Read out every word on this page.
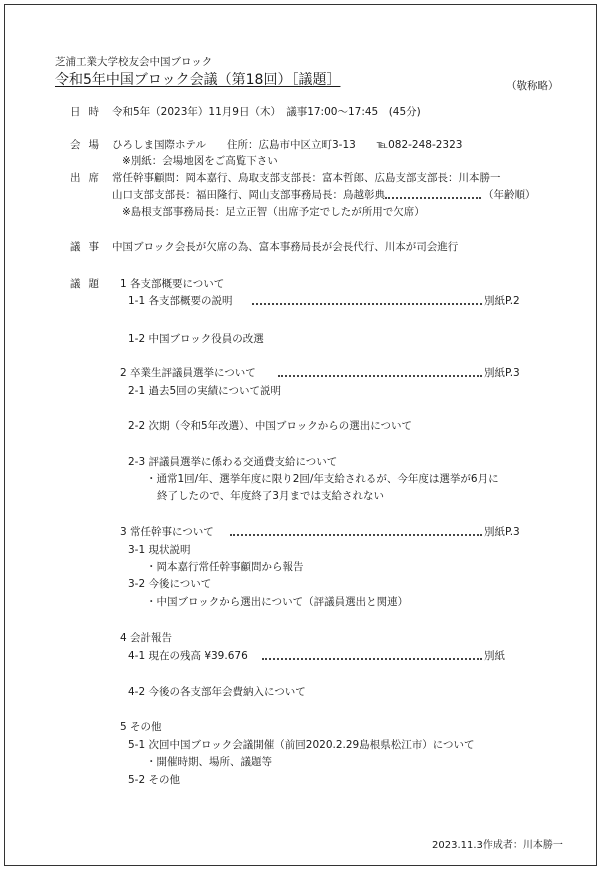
芝浦工業大学校友会中国ブロック
令和5年中国ブロック会議（第18回）［議題］	（敬称略）
日時 令和5年（2023年）11月9日（木）　議事17:00～17:45　(45分)
会場 ひろしま国際ホテル　　住所：広島市中区立町3-13　　℡082-248-2323
※別紙：会場地図をご高覧下さい
出席 常任幹事顧問：岡本嘉行、鳥取支部支部長：富本哲郎、広島支部支部長：川本勝一
山口支部支部長：福田隆行、岡山支部事務局長：鳥越彰典	（年齢順）
※島根支部事務局長：足立正智（出席予定でしたが所用で欠席）
議事 中国ブロック会長が欠席の為、富本事務局長が会長代行、川本が司会進行
議題 1 各支部概要について
1-1 各支部概要の説明	別紙P.2
1-2 中国ブロック役員の改選
2 卒業生評議員選挙について	別紙P.3
2-1 過去5回の実績について説明
2-2 次期（令和5年改選）、中国ブロックからの選出について
2-3 評議員選挙に係わる交通費支給について
・通常1回/年、選挙年度に限り2回/年支給されるが、今年度は選挙が6月に
終了したので、年度終了3月までは支給されない
3 常任幹事について	別紙P.3
3-1 現状説明
・岡本嘉行常任幹事顧問から報告
3-2 今後について
・中国ブロックから選出について（評議員選出と関連）
4 会計報告
4-1 現在の残高 ¥39.676	別紙
4-2 今後の各支部年会費納入について
5 その他
5-1 次回中国ブロック会議開催（前回2020.2.29島根県松江市）について
・開催時期、場所、議題等
5-2 その他
2023.11.3作成者：川本勝一
